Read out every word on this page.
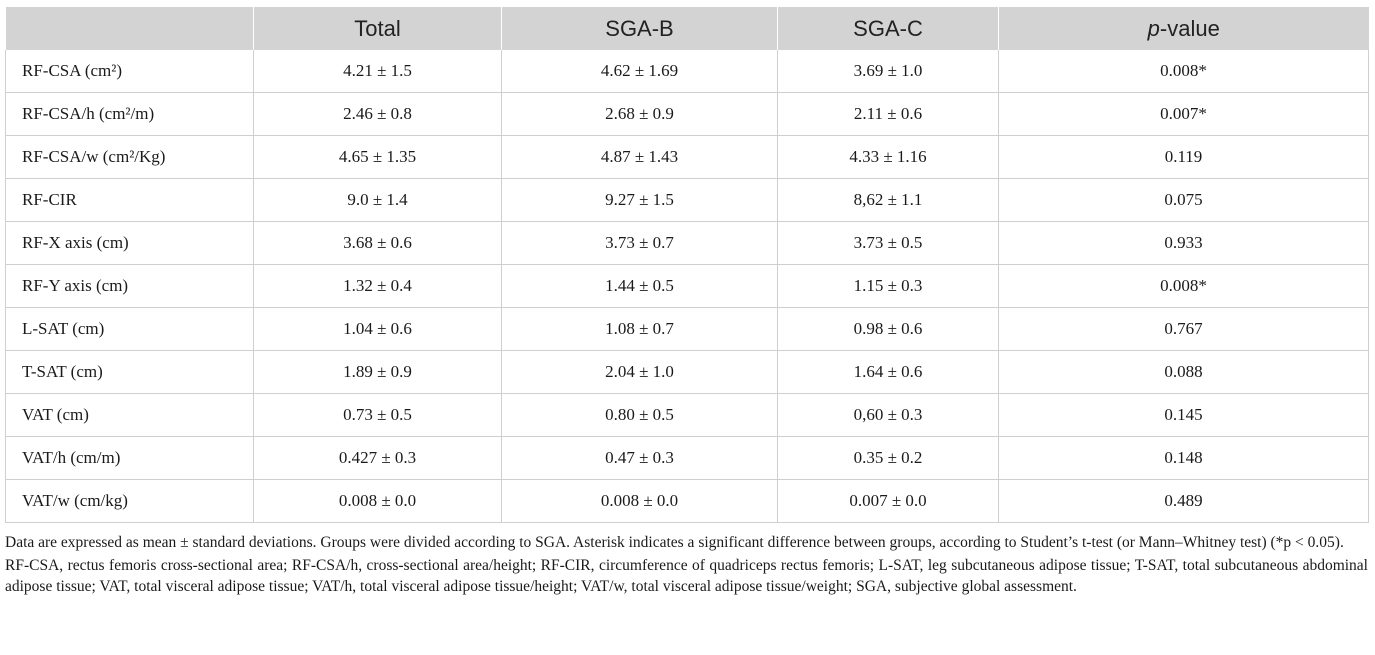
	Total	SGA-B	SGA-C	p-value
RF-CSA (cm²)	4.21 ± 1.5	4.62 ± 1.69	3.69 ± 1.0	0.008*
RF-CSA/h (cm²/m)	2.46 ± 0.8	2.68 ± 0.9	2.11 ± 0.6	0.007*
RF-CSA/w (cm²/Kg)	4.65 ± 1.35	4.87 ± 1.43	4.33 ± 1.16	0.119
RF-CIR	9.0 ± 1.4	9.27 ± 1.5	8,62 ± 1.1	0.075
RF-X axis (cm)	3.68 ± 0.6	3.73 ± 0.7	3.73 ± 0.5	0.933
RF-Y axis (cm)	1.32 ± 0.4	1.44 ± 0.5	1.15 ± 0.3	0.008*
L-SAT (cm)	1.04 ± 0.6	1.08 ± 0.7	0.98 ± 0.6	0.767
T-SAT (cm)	1.89 ± 0.9	2.04 ± 1.0	1.64 ± 0.6	0.088
VAT (cm)	0.73 ± 0.5	0.80 ± 0.5	0,60 ± 0.3	0.145
VAT/h (cm/m)	0.427 ± 0.3	0.47 ± 0.3	0.35 ± 0.2	0.148
VAT/w (cm/kg)	0.008 ± 0.0	0.008 ± 0.0	0.007 ± 0.0	0.489

Data are expressed as mean ± standard deviations. Groups were divided according to SGA. Asterisk indicates a significant difference between groups, according to Student’s t-test (or Mann–Whitney test) (*p < 0.05).

RF-CSA, rectus femoris cross-sectional area; RF-CSA/h, cross-sectional area/height; RF-CIR, circumference of quadriceps rectus femoris; L-SAT, leg subcutaneous adipose tissue; T-SAT, total subcutaneous abdominal adipose tissue; VAT, total visceral adipose tissue; VAT/h, total visceral adipose tissue/height; VAT/w, total visceral adipose tissue/weight; SGA, subjective global assessment.
